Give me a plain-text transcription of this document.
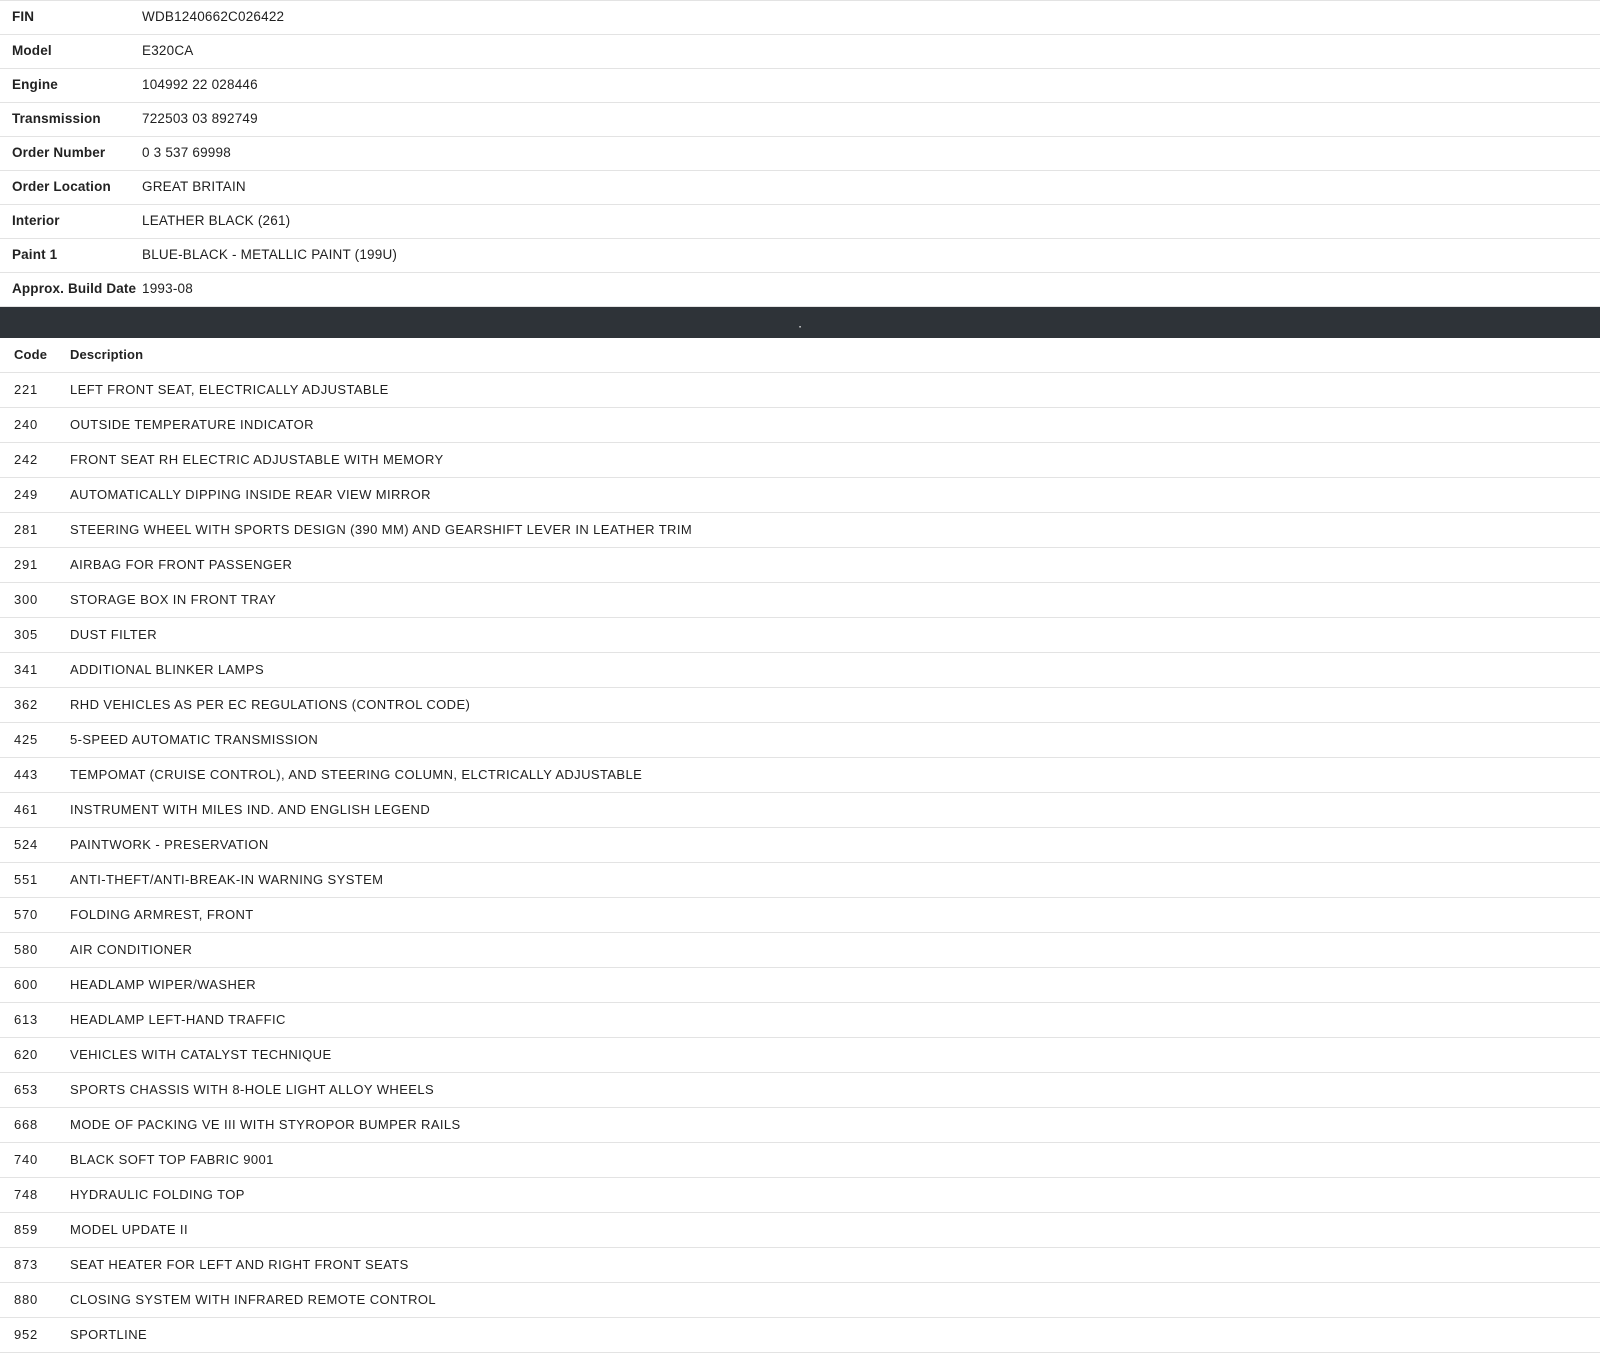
FIN	WDB1240662C026422
Model	E320CA
Engine	104992 22 028446
Transmission	722503 03 892749
Order Number	0 3 537 69998
Order Location	GREAT BRITAIN
Interior	LEATHER BLACK (261)
Paint 1	BLUE-BLACK - METALLIC PAINT (199U)
Approx. Build Date	1993-08
.
Code	Description
221	LEFT FRONT SEAT, ELECTRICALLY ADJUSTABLE
240	OUTSIDE TEMPERATURE INDICATOR
242	FRONT SEAT RH ELECTRIC ADJUSTABLE WITH MEMORY
249	AUTOMATICALLY DIPPING INSIDE REAR VIEW MIRROR
281	STEERING WHEEL WITH SPORTS DESIGN (390 MM) AND GEARSHIFT LEVER IN LEATHER TRIM
291	AIRBAG FOR FRONT PASSENGER
300	STORAGE BOX IN FRONT TRAY
305	DUST FILTER
341	ADDITIONAL BLINKER LAMPS
362	RHD VEHICLES AS PER EC REGULATIONS (CONTROL CODE)
425	5-SPEED AUTOMATIC TRANSMISSION
443	TEMPOMAT (CRUISE CONTROL), AND STEERING COLUMN, ELCTRICALLY ADJUSTABLE
461	INSTRUMENT WITH MILES IND. AND ENGLISH LEGEND
524	PAINTWORK - PRESERVATION
551	ANTI-THEFT/ANTI-BREAK-IN WARNING SYSTEM
570	FOLDING ARMREST, FRONT
580	AIR CONDITIONER
600	HEADLAMP WIPER/WASHER
613	HEADLAMP LEFT-HAND TRAFFIC
620	VEHICLES WITH CATALYST TECHNIQUE
653	SPORTS CHASSIS WITH 8-HOLE LIGHT ALLOY WHEELS
668	MODE OF PACKING VE III WITH STYROPOR BUMPER RAILS
740	BLACK SOFT TOP FABRIC 9001
748	HYDRAULIC FOLDING TOP
859	MODEL UPDATE II
873	SEAT HEATER FOR LEFT AND RIGHT FRONT SEATS
880	CLOSING SYSTEM WITH INFRARED REMOTE CONTROL
952	SPORTLINE
